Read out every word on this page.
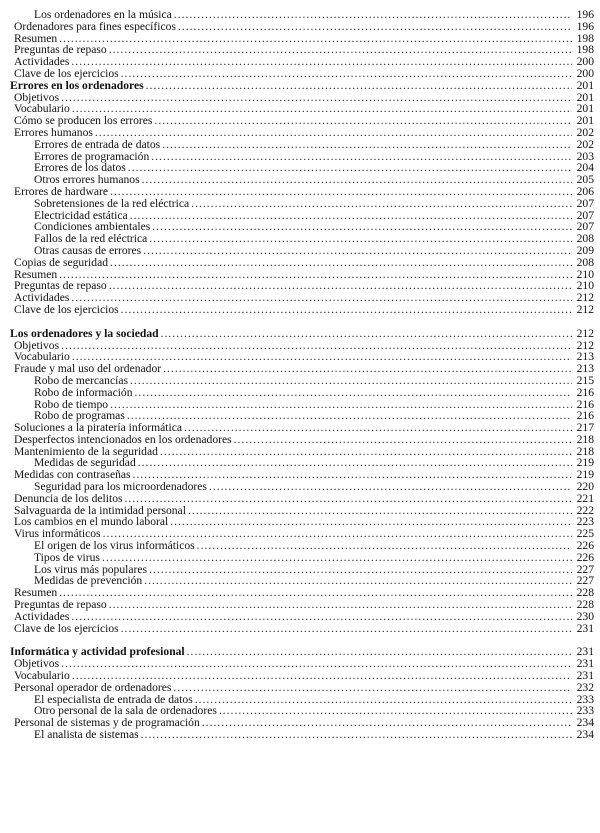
Los ordenadores en la música .....	196
Ordenadores para fines específicos .....	196
Resumen .....	198
Preguntas de repaso .....	198
Actividades .....	200
Clave de los ejercicios .....	200
Errores en los ordenadores .....	201
Objetivos .....	201
Vocabulario .....	201
Cómo se producen los errores .....	201
Errores humanos .....	202
Errores de entrada de datos .....	202
Errores de programación .....	203
Errores de los datos .....	204
Otros errores humanos .....	205
Errores de hardware .....	206
Sobretensiones de la red eléctrica .....	207
Electricidad estática .....	207
Condiciones ambientales .....	207
Fallos de la red eléctrica .....	208
Otras causas de errores .....	209
Copias de seguridad .....	208
Resumen .....	210
Preguntas de repaso .....	210
Actividades .....	212
Clave de los ejercicios .....	212
Los ordenadores y la sociedad .....	212
Objetivos .....	212
Vocabulario .....	213
Fraude y mal uso del ordenador .....	213
Robo de mercancías .....	215
Robo de información .....	216
Robo de tiempo .....	216
Robo de programas .....	216
Soluciones a la piratería informática .....	217
Desperfectos intencionados en los ordenadores .....	218
Mantenimiento de la seguridad .....	218
Medidas de seguridad .....	219
Medidas con contraseñas .....	219
Seguridad para los microordenadores .....	220
Denuncia de los delitos .....	221
Salvaguarda de la intimidad personal .....	222
Los cambios en el mundo laboral .....	223
Virus informáticos .....	225
El origen de los virus informáticos .....	226
Tipos de virus .....	226
Los virus más populares .....	227
Medidas de prevención .....	227
Resumen .....	228
Preguntas de repaso .....	228
Actividades .....	230
Clave de los ejercicios .....	231
Informática y actividad profesional .....	231
Objetivos .....	231
Vocabulario .....	231
Personal operador de ordenadores .....	232
El especialista de entrada de datos .....	233
Otro personal de la sala de ordenadores .....	233
Personal de sistemas y de programación .....	234
El analista de sistemas .....	234
